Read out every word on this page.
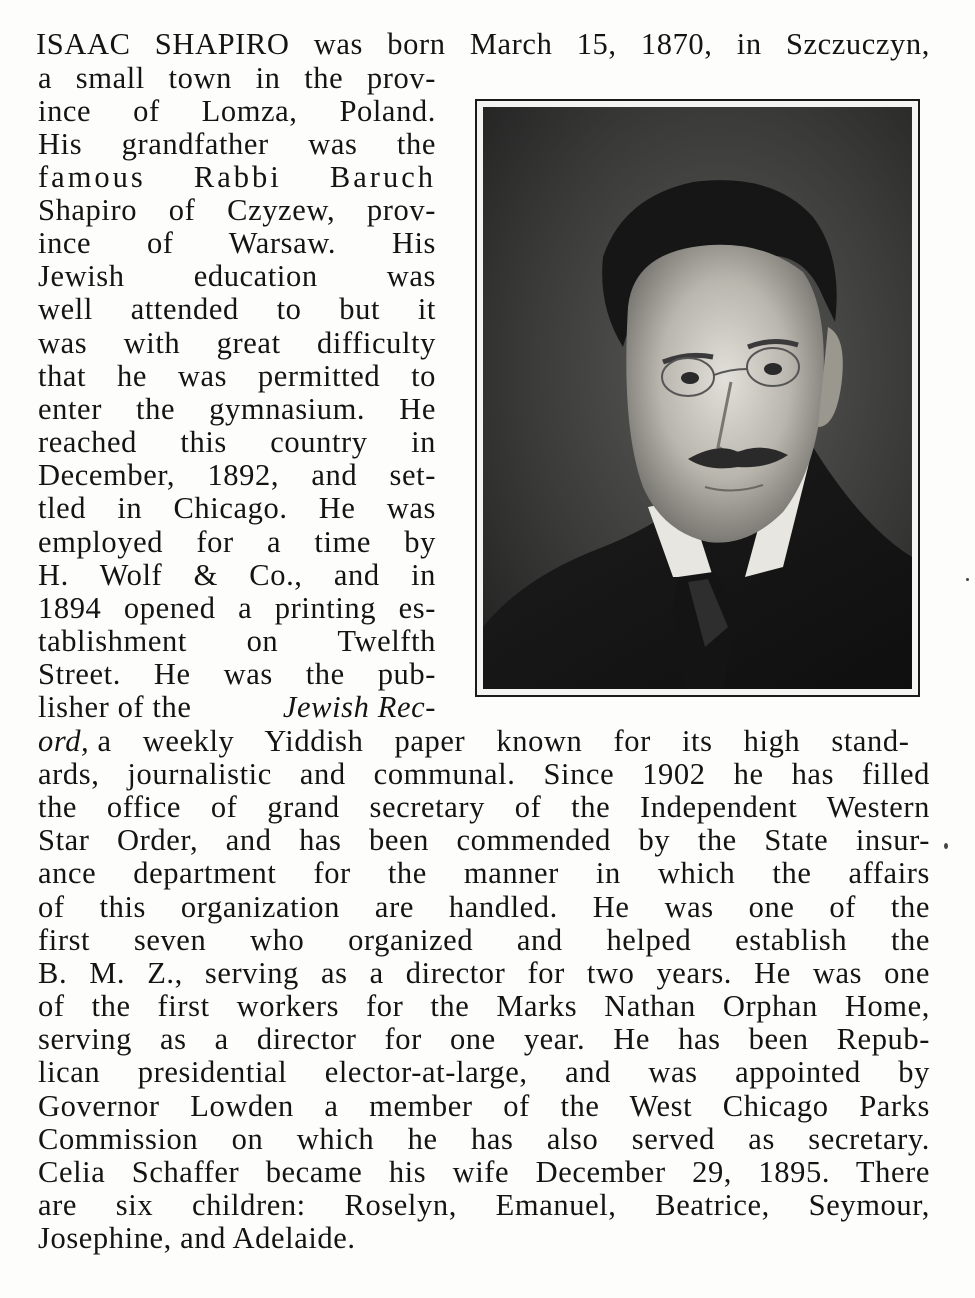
ISAAC SHAPIRO was born March 15, 1870, in Szczuczyn,
a small town in the prov-
ince of Lomza, Poland.
His grandfather was the
famous Rabbi Baruch
Shapiro of Czyzew, prov-
ince of Warsaw. His
Jewish education was
well attended to but it
was with great difficulty
that he was permitted to
enter the gymnasium. He
reached this country in
December, 1892, and set-
tled in Chicago. He was
employed for a time by
H. Wolf & Co., and in
1894 opened a printing es-
tablishment on Twelfth
Street. He was the pub-
lisher of the	Jewish Rec-
ord, a weekly Yiddish paper known for its high stand-
ards, journalistic and communal. Since 1902 he has filled
the office of grand secretary of the Independent Western
Star Order, and has been commended by the State insur-
ance department for the manner in which the affairs
of this organization are handled. He was one of the
first seven who organized and helped establish the
B. M. Z., serving as a director for two years. He was one
of the first workers for the Marks Nathan Orphan Home,
serving as a director for one year. He has been Repub-
lican presidential elector-at-large, and was appointed by
Governor Lowden a member of the West Chicago Parks
Commission on which he has also served as secretary.
Celia Schaffer became his wife December 29, 1895. There
are six children: Roselyn, Emanuel, Beatrice, Seymour,
Josephine, and Adelaide.
